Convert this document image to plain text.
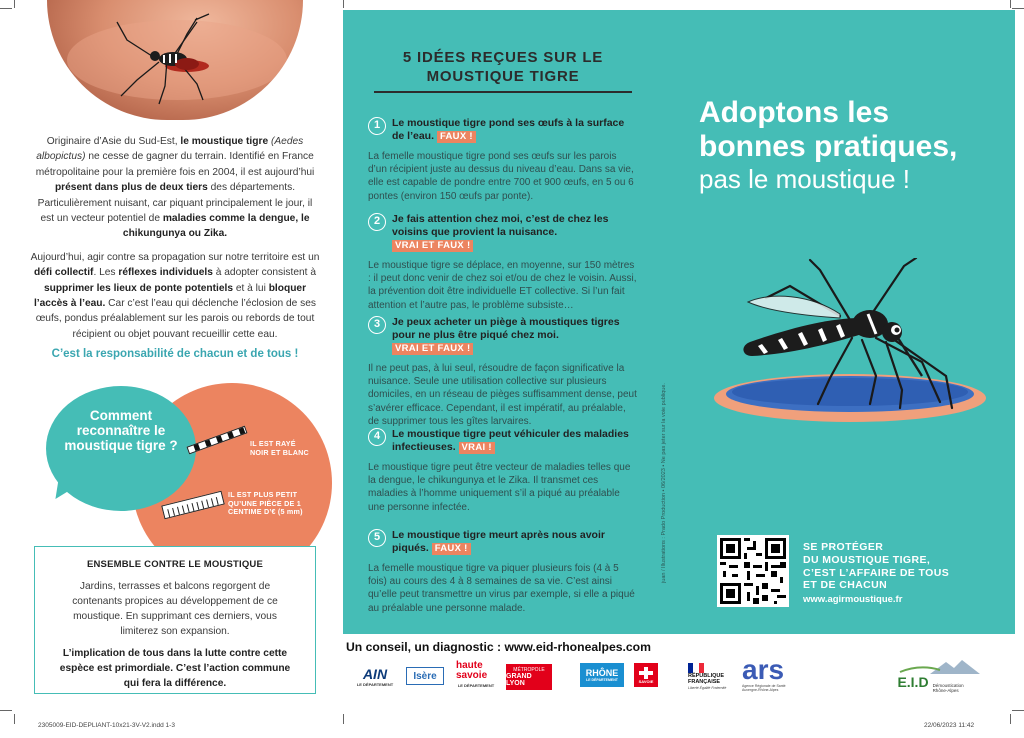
Originaire d’Asie du Sud-Est, le moustique tigre (Aedes albopictus) ne cesse de gagner du terrain. Identifié en France métropolitaine pour la première fois en 2004, il est aujourd’hui présent dans plus de deux tiers des départements. Particulièrement nuisant, car piquant principalement le jour, il est un vecteur potentiel de maladies comme la dengue, le chikungunya ou Zika.

Aujourd’hui, agir contre sa propagation sur notre territoire est un défi collectif. Les réflexes individuels à adopter consistent à supprimer les lieux de ponte potentiels et à lui bloquer l’accès à l’eau. Car c’est l’eau qui déclenche l’éclosion de ses œufs, pondus préalablement sur les parois ou rebords de tout récipient ou objet pouvant recueillir cette eau.

C’est la responsabilité de chacun et de tous !
Comment reconnaître le moustique tigre ?	IL EST RAYÉ NOIR ET BLANC
IL EST PLUS PETIT QU’UNE PIÈCE DE 1 CENTIME D’€ (5 mm)
ENSEMBLE CONTRE LE MOUSTIQUE
Jardins, terrasses et balcons regorgent de contenants propices au développement de ce moustique. En supprimant ces derniers, vous limiterez son expansion.
L’implication de tous dans la lutte contre cette espèce est primordiale. C’est l’action commune qui fera la différence.
5 IDÉES REÇUES SUR LE MOUSTIQUE TIGRE
1	Le moustique tigre pond ses œufs à la surface de l’eau. FAUX !
La femelle moustique tigre pond ses œufs sur les parois d’un récipient juste au dessus du niveau d’eau. Dans sa vie, elle est capable de pondre entre 700 et 900 œufs, en 5 ou 6 pontes (environ 150 œufs par ponte).
2	Je fais attention chez moi, c’est de chez les voisins que provient la nuisance. VRAI ET FAUX !
Le moustique tigre se déplace, en moyenne, sur 150 mètres : il peut donc venir de chez soi et/ou de chez le voisin. Aussi, la prévention doit être individuelle ET collective. Si l’un fait attention et l’autre pas, le problème subsiste…
3	Je peux acheter un piège à moustiques tigres pour ne plus être piqué chez moi. VRAI ET FAUX !
Il ne peut pas, à lui seul, résoudre de façon significative la nuisance. Seule une utilisation collective sur plusieurs domiciles, en un réseau de pièges suffisamment dense, peut s’avérer efficace. Cependant, il est impératif, au préalable, de supprimer tous les gîtes larvaires.
4	Le moustique tigre peut véhiculer des maladies infectieuses. VRAI !
Le moustique tigre peut être vecteur de maladies telles que la dengue, le chikungunya et le Zika. Il transmet ces maladies à l’homme uniquement s’il a piqué au préalable une personne infectée.
5	Le moustique tigre meurt après nous avoir piqués. FAUX !
La femelle moustique tigre va piquer plusieurs fois (4 à 5 fois) au cours des 4 à 8 semaines de sa vie. C’est ainsi qu’elle peut transmettre un virus par exemple, si elle a piqué au préalable une personne malade.
juan / Illustrations : Prado Production • 06/2023 • Ne pas jeter sur la voie publique.
Adoptons les
bonnes pratiques,
pas le moustique !
SE PROTÉGER
DU MOUSTIQUE TIGRE,
C’EST L’AFFAIRE DE TOUS
ET DE CHACUN
www.agirmoustique.fr
Un conseil, un diagnostic : www.eid-rhonealpes.com
AIN
LE DÉPARTEMENT
Isère
haute savoie
LE DÉPARTEMENT
MÉTROPOLE
GRAND LYON
RHÔNE
LE DÉPARTEMENT	SAVOIE
RÉPUBLIQUE FRANÇAISE
Liberté Égalité Fraternité
ars
Agence Régionale de Santé Auvergne-Rhône-Alpes
E.I.D Démoustication Rhône-Alpes
2305009-EID-DEPLIANT-10x21-3V-V2.indd 1-3	22/06/2023 11:42
